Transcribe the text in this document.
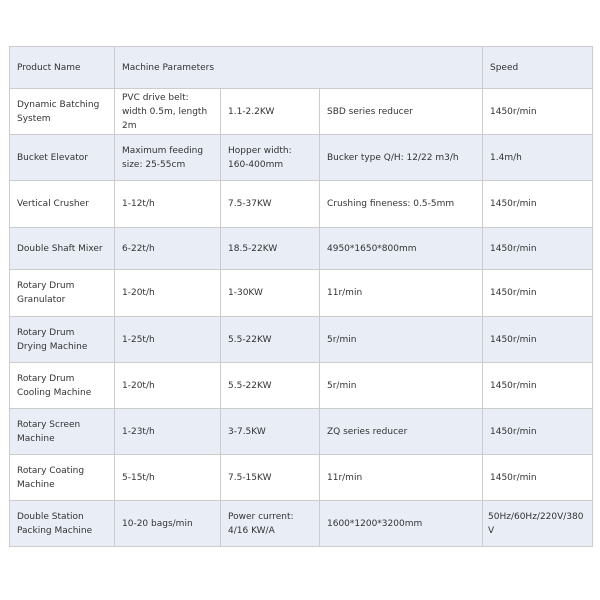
Product Name	Machine Parameters			Speed
Dynamic Batching System	PVC drive belt: width 0.5m, length 2m	1.1-2.2KW	SBD series reducer	1450r/min
Bucket Elevator	Maximum feeding size: 25-55cm	Hopper width: 160-400mm	Bucker type Q/H: 12/22 m3/h	1.4m/h
Vertical Crusher	1-12t/h	7.5-37KW	Crushing fineness: 0.5-5mm	1450r/min
Double Shaft Mixer	6-22t/h	18.5-22KW	4950*1650*800mm	1450r/min
Rotary Drum Granulator	1-20t/h	1-30KW	11r/min	1450r/min
Rotary Drum Drying Machine	1-25t/h	5.5-22KW	5r/min	1450r/min
Rotary Drum Cooling Machine	1-20t/h	5.5-22KW	5r/min	1450r/min
Rotary Screen Machine	1-23t/h	3-7.5KW	ZQ series reducer	1450r/min
Rotary Coating Machine	5-15t/h	7.5-15KW	11r/min	1450r/min
Double Station Packing Machine	10-20 bags/min	Power current: 4/16 KW/A	1600*1200*3200mm	50Hz/60Hz/220V/380V
